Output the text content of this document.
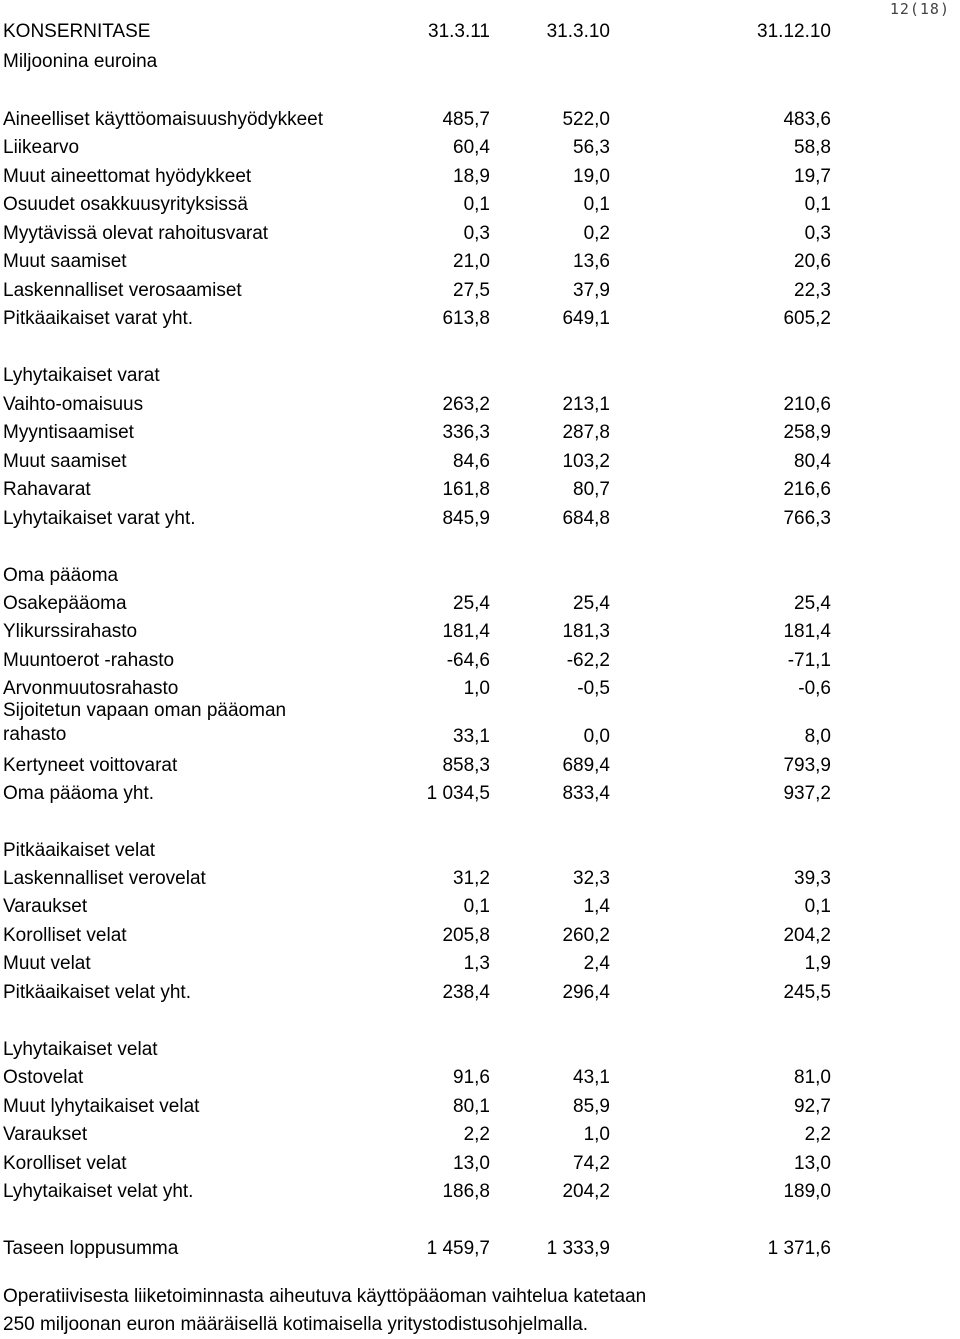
12(18)
KONSERNITASE	31.3.11	31.3.10	31.12.10
Miljoonina euroina
Aineelliset käyttöomaisuushyödykkeet	485,7	522,0	483,6
Liikearvo	60,4	56,3	58,8
Muut aineettomat hyödykkeet	18,9	19,0	19,7
Osuudet osakkuusyrityksissä	0,1	0,1	0,1
Myytävissä olevat rahoitusvarat	0,3	0,2	0,3
Muut saamiset	21,0	13,6	20,6
Laskennalliset verosaamiset	27,5	37,9	22,3
Pitkäaikaiset varat yht.	613,8	649,1	605,2
Lyhytaikaiset varat
Vaihto-omaisuus	263,2	213,1	210,6
Myyntisaamiset	336,3	287,8	258,9
Muut saamiset	84,6	103,2	80,4
Rahavarat	161,8	80,7	216,6
Lyhytaikaiset varat yht.	845,9	684,8	766,3
Oma pääoma
Osakepääoma	25,4	25,4	25,4
Ylikurssirahasto	181,4	181,3	181,4
Muuntoerot -rahasto	-64,6	-62,2	-71,1
Arvonmuutosrahasto	1,0	-0,5	-0,6
Sijoitetun vapaan oman pääoman
rahasto	33,1	0,0	8,0
Kertyneet voittovarat	858,3	689,4	793,9
Oma pääoma yht.	1 034,5	833,4	937,2
Pitkäaikaiset velat
Laskennalliset verovelat	31,2	32,3	39,3
Varaukset	0,1	1,4	0,1
Korolliset velat	205,8	260,2	204,2
Muut velat	1,3	2,4	1,9
Pitkäaikaiset velat yht.	238,4	296,4	245,5
Lyhytaikaiset velat
Ostovelat	91,6	43,1	81,0
Muut lyhytaikaiset velat	80,1	85,9	92,7
Varaukset	2,2	1,0	2,2
Korolliset velat	13,0	74,2	13,0
Lyhytaikaiset velat yht.	186,8	204,2	189,0
Taseen loppusumma	1 459,7	1 333,9	1 371,6
Operatiivisesta liiketoiminnasta aiheutuva käyttöpääoman vaihtelua katetaan
250 miljoonan euron määräisellä kotimaisella yritystodistusohjelmalla.
